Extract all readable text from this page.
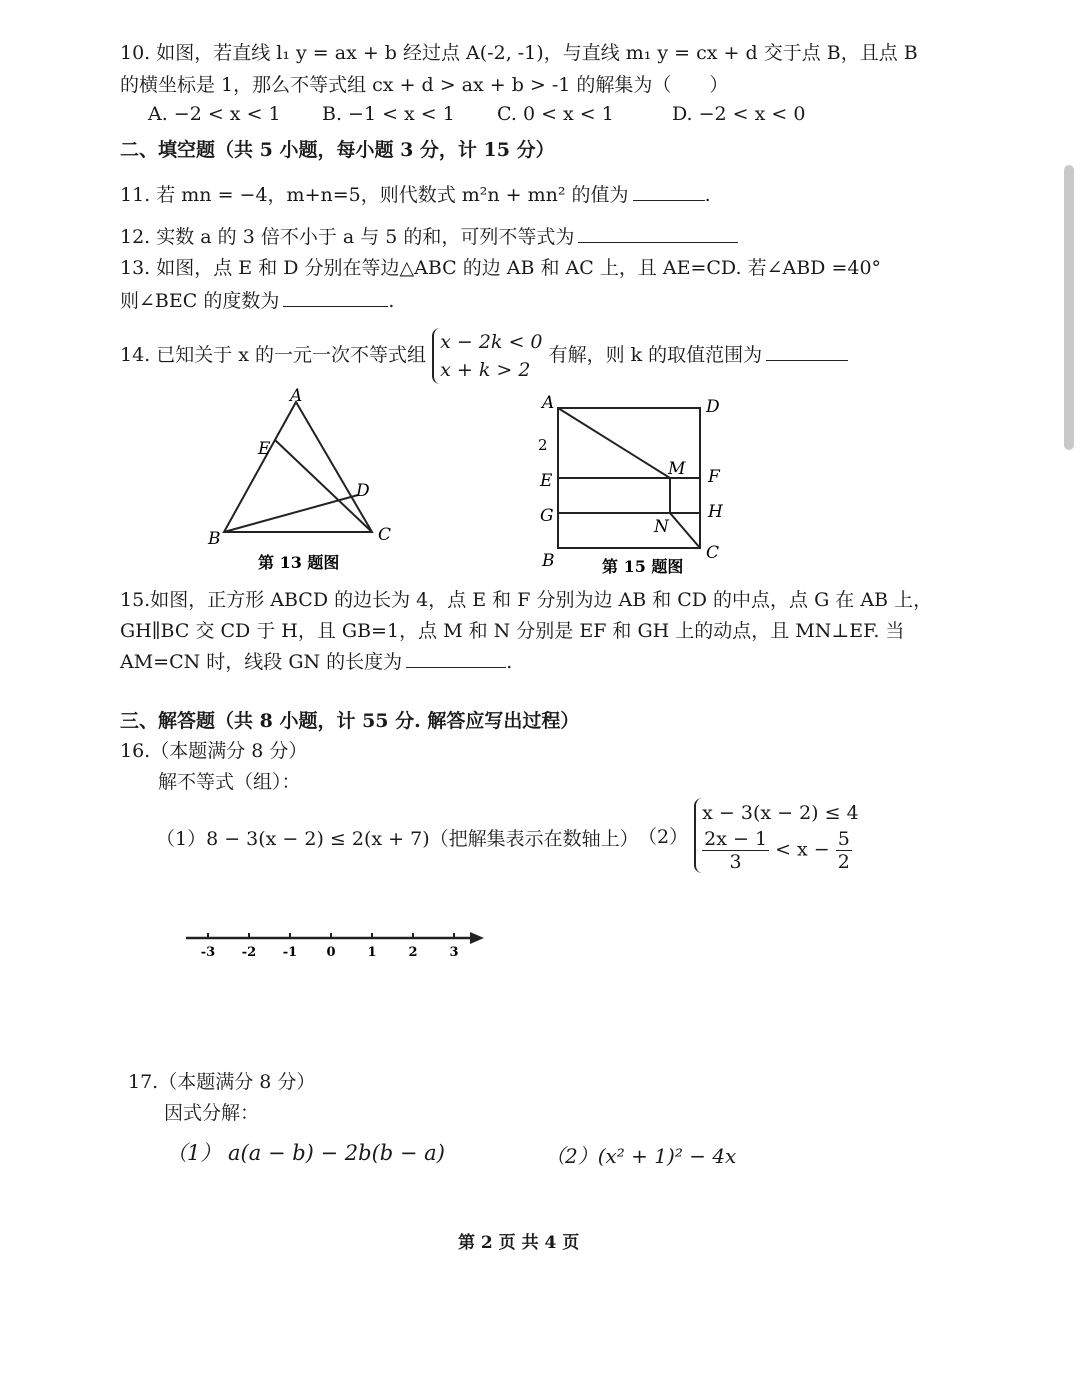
10. 如图，若直线 l₁ y = ax + b 经过点 A(-2, -1)，与直线 m₁ y = cx + d 交于点 B，且点 B
的横坐标是 1，那么不等式组 cx + d > ax + b > -1 的解集为（　　）
A. −2 < x < 1 B. −1 < x < 1 C. 0 < x < 1	D. −2 < x < 0
二、填空题（共 5 小题，每小题 3 分，计 15 分）
11. 若 mn = −4，m+n=5，则代数式 m²n + mn² 的值为	.
12. 实数 a 的 3 倍不小于 a 与 5 的和，可列不等式为
13. 如图，点 E 和 D 分别在等边△ABC 的边 AB 和 AC 上，且 AE=CD. 若∠ABD =40°
则∠BEC 的度数为	.
14. 已知关于 x 的一元一次不等式组
x − 2k < 0
x + k > 2
有解，则 k 的取值范围为
A
E
D
B	C
第 13 题图
A	D
2
E	F
M
G	H
N
B	C
第 15 题图
15.如图，正方形 ABCD 的边长为 4，点 E 和 F 分别为边 AB 和 CD 的中点，点 G 在 AB 上，
GH∥BC 交 CD 于 H，且 GB=1，点 M 和 N 分别是 EF 和 GH 上的动点，且 MN⊥EF. 当
AM=CN 时，线段 GN 的长度为	.
三、解答题（共 8 小题，计 55 分. 解答应写出过程）
16.（本题满分 8 分）
解不等式（组）：
（1）8 − 3(x − 2) ≤ 2(x + 7)（把解集表示在数轴上） （2）
x − 3(x − 2) ≤ 4
$\frac{2x - 1}{3} < x - \frac{5}{2}$
-3 -2 -1 0 1 2 3
17.（本题满分 8 分）
因式分解：
（1） a(a − b) − 2b(b − a)	（2）(x² + 1)² − 4x
第 2 页 共 4 页
